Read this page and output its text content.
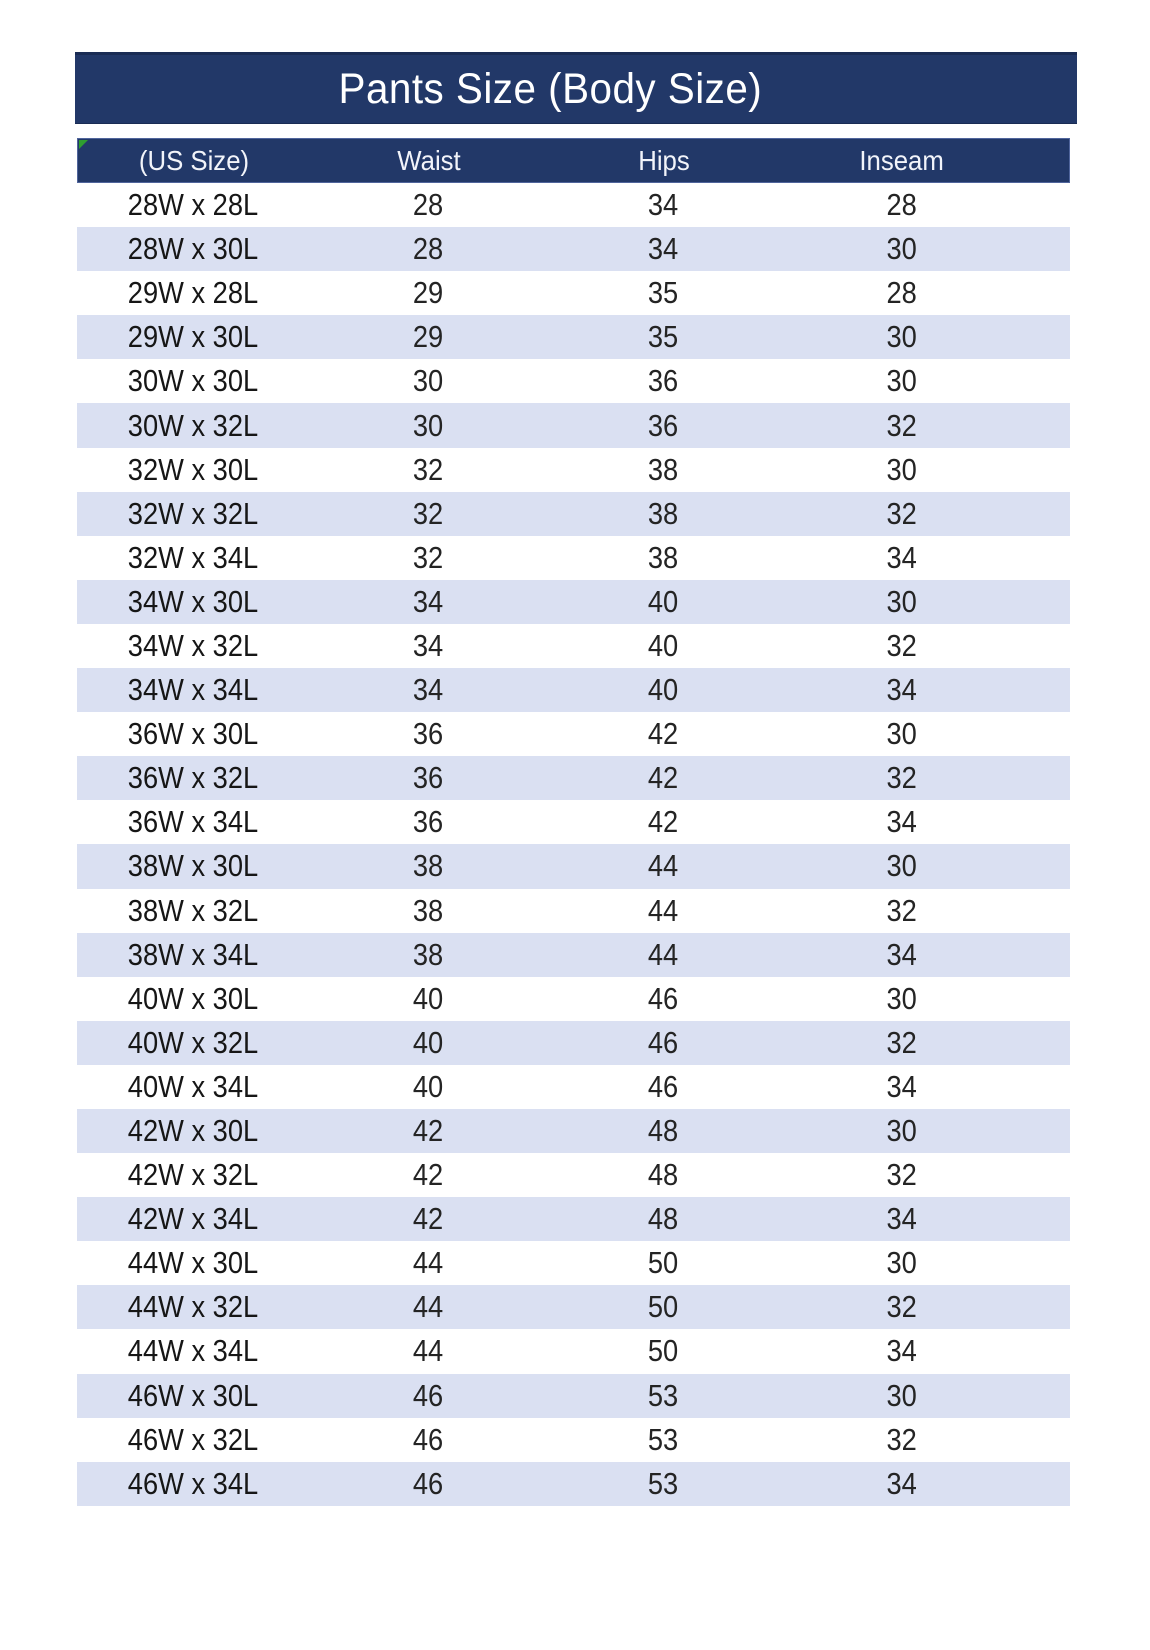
Pants Size (Body Size)
(US Size)	Waist	Hips	Inseam
28W x 28L	28	34	28
28W x 30L	28	34	30
29W x 28L	29	35	28
29W x 30L	29	35	30
30W x 30L	30	36	30
30W x 32L	30	36	32
32W x 30L	32	38	30
32W x 32L	32	38	32
32W x 34L	32	38	34
34W x 30L	34	40	30
34W x 32L	34	40	32
34W x 34L	34	40	34
36W x 30L	36	42	30
36W x 32L	36	42	32
36W x 34L	36	42	34
38W x 30L	38	44	30
38W x 32L	38	44	32
38W x 34L	38	44	34
40W x 30L	40	46	30
40W x 32L	40	46	32
40W x 34L	40	46	34
42W x 30L	42	48	30
42W x 32L	42	48	32
42W x 34L	42	48	34
44W x 30L	44	50	30
44W x 32L	44	50	32
44W x 34L	44	50	34
46W x 30L	46	53	30
46W x 32L	46	53	32
46W x 34L	46	53	34
